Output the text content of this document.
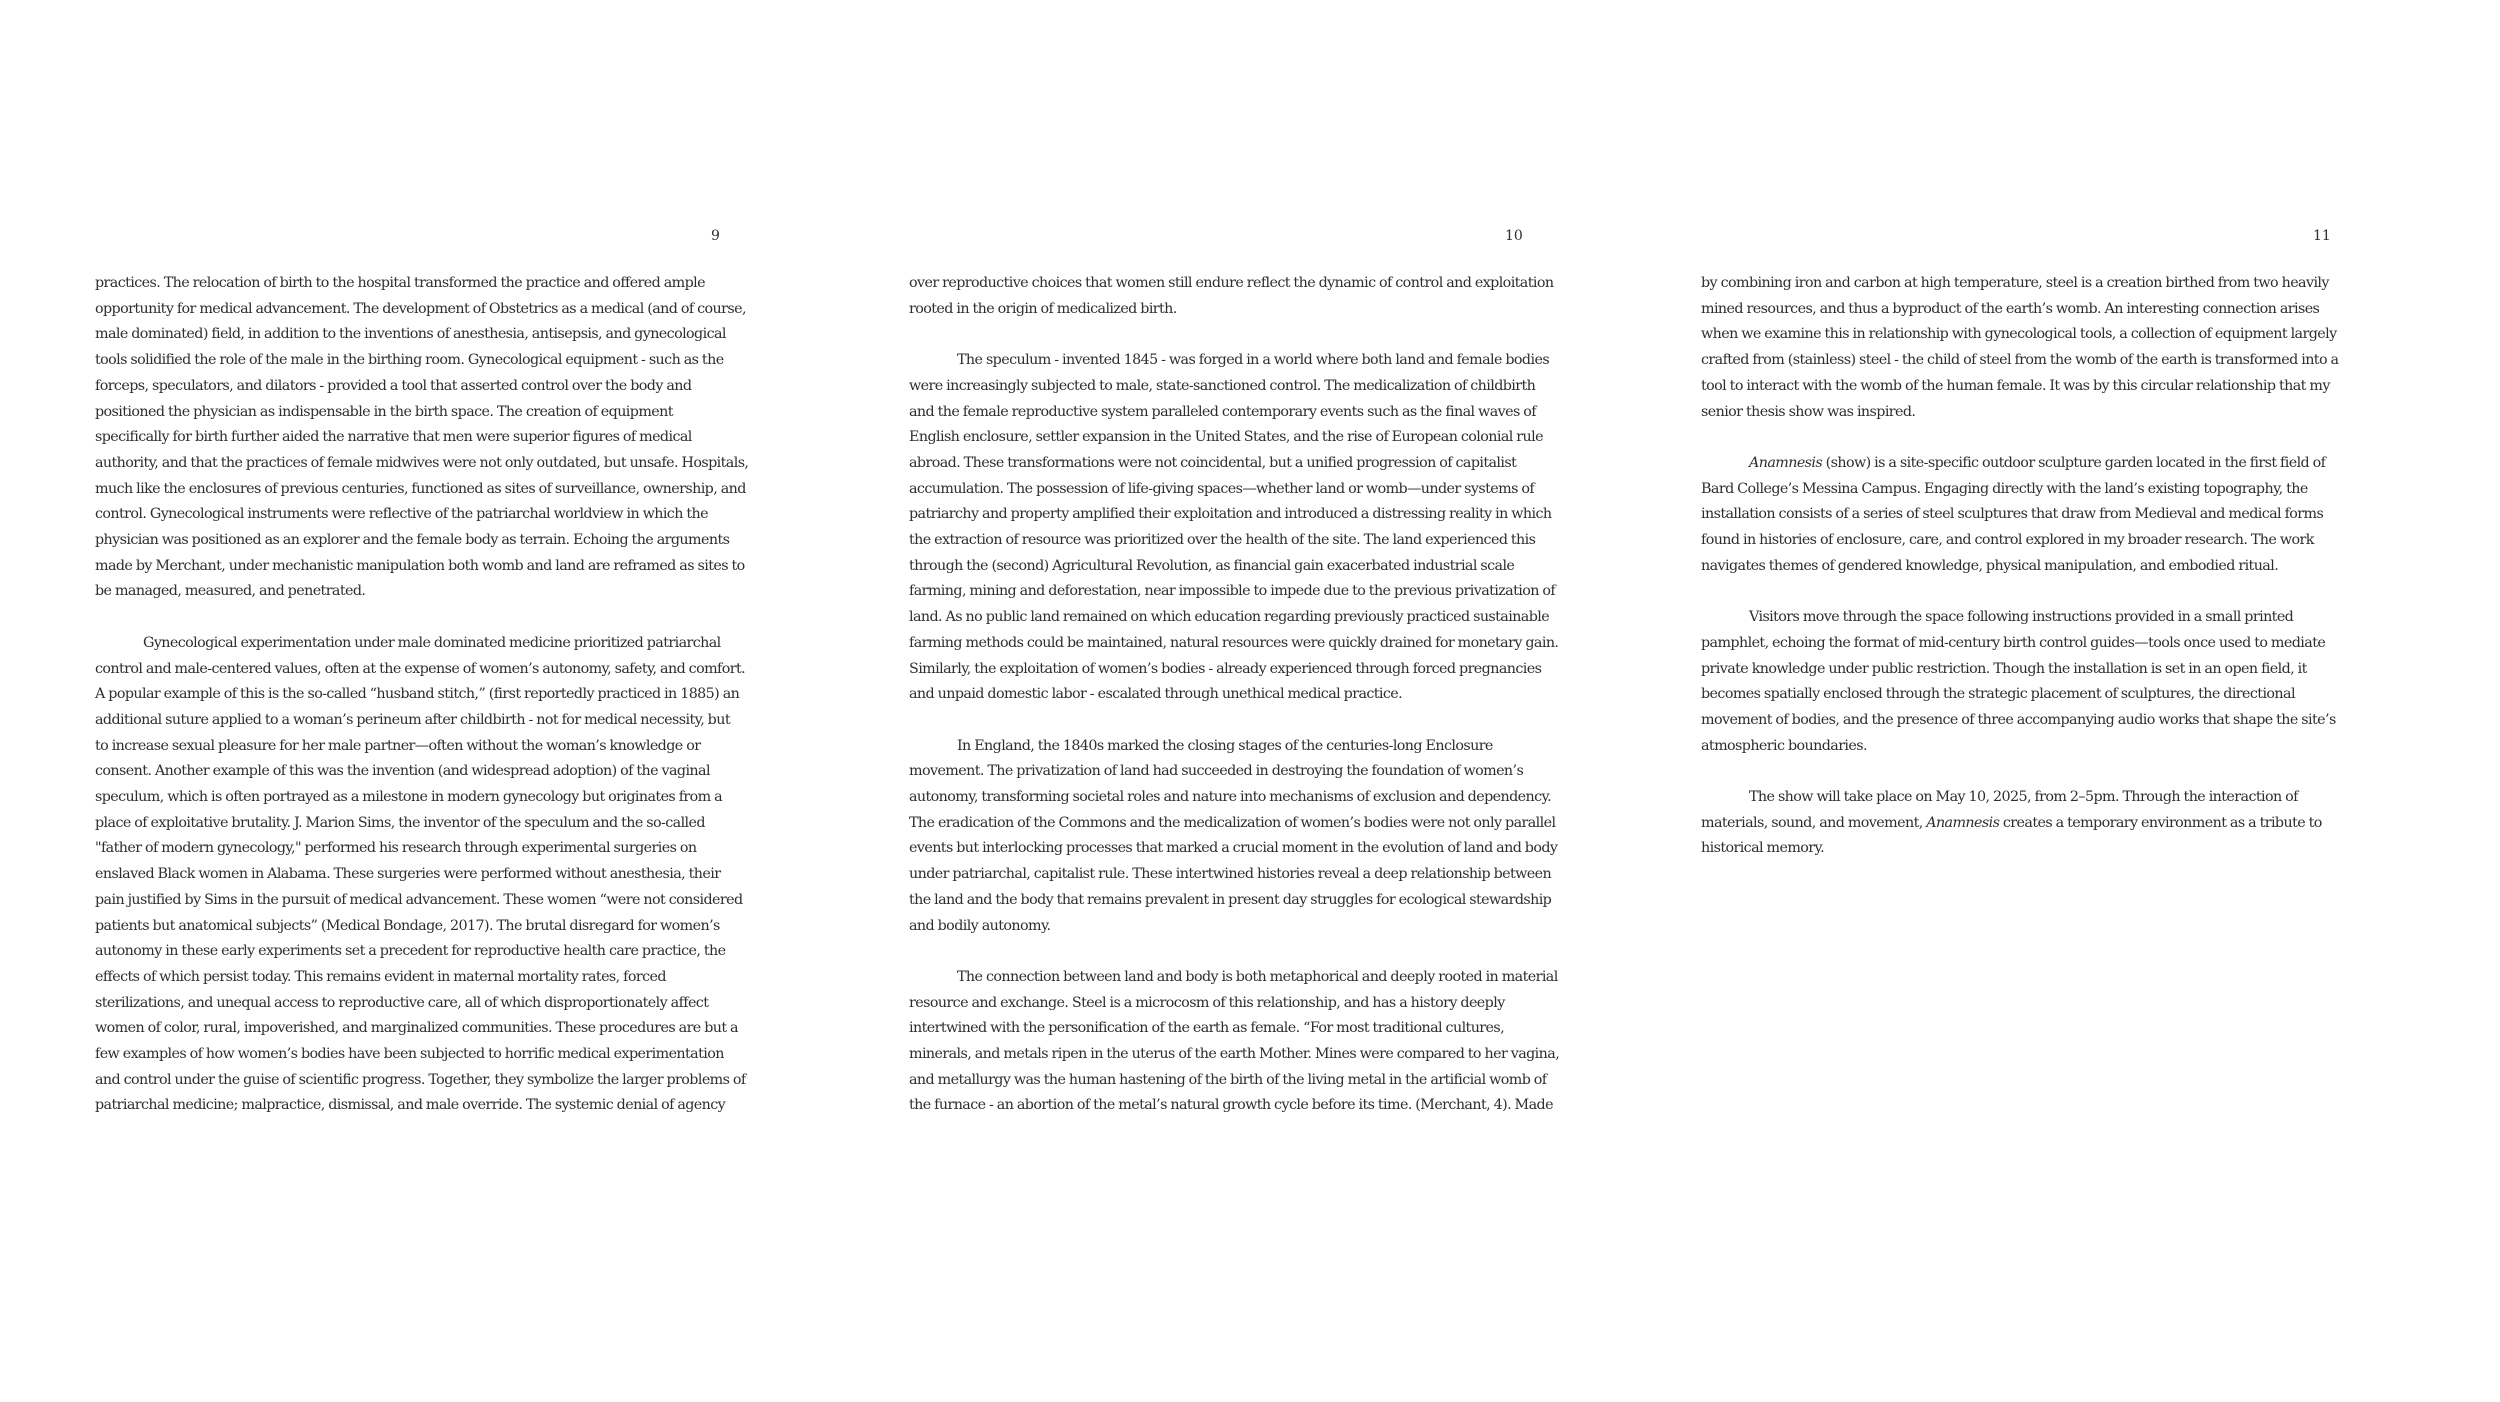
9

practices. The relocation of birth to the hospital transformed the practice and offered ample
opportunity for medical advancement. The development of Obstetrics as a medical (and of course,
male dominated) field, in addition to the inventions of anesthesia, antisepsis, and gynecological
tools solidified the role of the male in the birthing room. Gynecological equipment - such as the
forceps, speculators, and dilators - provided a tool that asserted control over the body and
positioned the physician as indispensable in the birth space. The creation of equipment
specifically for birth further aided the narrative that men were superior figures of medical
authority, and that the practices of female midwives were not only outdated, but unsafe. Hospitals,
much like the enclosures of previous centuries, functioned as sites of surveillance, ownership, and
control. Gynecological instruments were reflective of the patriarchal worldview in which the
physician was positioned as an explorer and the female body as terrain. Echoing the arguments
made by Merchant, under mechanistic manipulation both womb and land are reframed as sites to
be managed, measured, and penetrated.

Gynecological experimentation under male dominated medicine prioritized patriarchal
control and male-centered values, often at the expense of women’s autonomy, safety, and comfort.
A popular example of this is the so-called “husband stitch,” (first reportedly practiced in 1885) an
additional suture applied to a woman’s perineum after childbirth - not for medical necessity, but
to increase sexual pleasure for her male partner—often without the woman’s knowledge or
consent. Another example of this was the invention (and widespread adoption) of the vaginal
speculum, which is often portrayed as a milestone in modern gynecology but originates from a
place of exploitative brutality. J. Marion Sims, the inventor of the speculum and the so-called
"father of modern gynecology," performed his research through experimental surgeries on
enslaved Black women in Alabama. These surgeries were performed without anesthesia, their
pain justified by Sims in the pursuit of medical advancement. These women “were not considered
patients but anatomical subjects” (Medical Bondage, 2017). The brutal disregard for women’s
autonomy in these early experiments set a precedent for reproductive health care practice, the
effects of which persist today. This remains evident in maternal mortality rates, forced
sterilizations, and unequal access to reproductive care, all of which disproportionately affect
women of color, rural, impoverished, and marginalized communities. These procedures are but a
few examples of how women’s bodies have been subjected to horrific medical experimentation
and control under the guise of scientific progress. Together, they symbolize the larger problems of
patriarchal medicine; malpractice, dismissal, and male override. The systemic denial of agency

10

over reproductive choices that women still endure reflect the dynamic of control and exploitation
rooted in the origin of medicalized birth.

The speculum - invented 1845 - was forged in a world where both land and female bodies
were increasingly subjected to male, state-sanctioned control. The medicalization of childbirth
and the female reproductive system paralleled contemporary events such as the final waves of
English enclosure, settler expansion in the United States, and the rise of European colonial rule
abroad. These transformations were not coincidental, but a unified progression of capitalist
accumulation. The possession of life-giving spaces—whether land or womb—under systems of
patriarchy and property amplified their exploitation and introduced a distressing reality in which
the extraction of resource was prioritized over the health of the site. The land experienced this
through the (second) Agricultural Revolution, as financial gain exacerbated industrial scale
farming, mining and deforestation, near impossible to impede due to the previous privatization of
land. As no public land remained on which education regarding previously practiced sustainable
farming methods could be maintained, natural resources were quickly drained for monetary gain.
Similarly, the exploitation of women’s bodies - already experienced through forced pregnancies
and unpaid domestic labor - escalated through unethical medical practice.

In England, the 1840s marked the closing stages of the centuries-long Enclosure
movement. The privatization of land had succeeded in destroying the foundation of women’s
autonomy, transforming societal roles and nature into mechanisms of exclusion and dependency.
The eradication of the Commons and the medicalization of women’s bodies were not only parallel
events but interlocking processes that marked a crucial moment in the evolution of land and body
under patriarchal, capitalist rule. These intertwined histories reveal a deep relationship between
the land and the body that remains prevalent in present day struggles for ecological stewardship
and bodily autonomy.

The connection between land and body is both metaphorical and deeply rooted in material
resource and exchange. Steel is a microcosm of this relationship, and has a history deeply
intertwined with the personification of the earth as female. “For most traditional cultures,
minerals, and metals ripen in the uterus of the earth Mother. Mines were compared to her vagina,
and metallurgy was the human hastening of the birth of the living metal in the artificial womb of
the furnace - an abortion of the metal’s natural growth cycle before its time. (Merchant, 4). Made

11

by combining iron and carbon at high temperature, steel is a creation birthed from two heavily
mined resources, and thus a byproduct of the earth’s womb. An interesting connection arises
when we examine this in relationship with gynecological tools, a collection of equipment largely
crafted from (stainless) steel - the child of steel from the womb of the earth is transformed into a
tool to interact with the womb of the human female. It was by this circular relationship that my
senior thesis show was inspired.

Anamnesis (show) is a site-specific outdoor sculpture garden located in the first field of
Bard College’s Messina Campus. Engaging directly with the land’s existing topography, the
installation consists of a series of steel sculptures that draw from Medieval and medical forms
found in histories of enclosure, care, and control explored in my broader research. The work
navigates themes of gendered knowledge, physical manipulation, and embodied ritual.

Visitors move through the space following instructions provided in a small printed
pamphlet, echoing the format of mid-century birth control guides—tools once used to mediate
private knowledge under public restriction. Though the installation is set in an open field, it
becomes spatially enclosed through the strategic placement of sculptures, the directional
movement of bodies, and the presence of three accompanying audio works that shape the site’s
atmospheric boundaries.

The show will take place on May 10, 2025, from 2–5pm. Through the interaction of
materials, sound, and movement, Anamnesis creates a temporary environment as a tribute to
historical memory.
